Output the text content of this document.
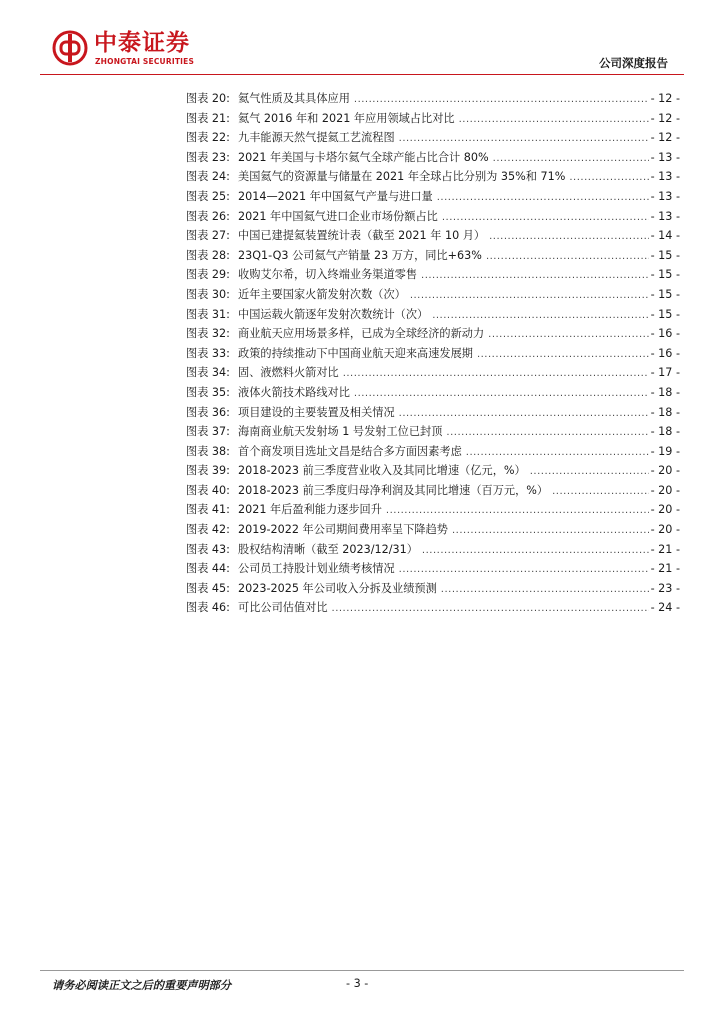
中泰证券
ZHONGTAI SECURITIES	公司深度报告
图表 20: 氦气性质及其具体应用 .....	- 12 -
图表 21: 氦气 2016 年和 2021 年应用领域占比对比 .....	- 12 -
图表 22: 九丰能源天然气提氦工艺流程图 .....	- 12 -
图表 23: 2021 年美国与卡塔尔氦气全球产能占比合计 80% .....	- 13 -
图表 24: 美国氦气的资源量与储量在 2021 年全球占比分别为 35%和 71% .....	- 13 -
图表 25: 2014—2021 年中国氦气产量与进口量 .....	- 13 -
图表 26: 2021 年中国氦气进口企业市场份额占比 .....	- 13 -
图表 27: 中国已建提氦装置统计表（截至 2021 年 10 月） .....	- 14 -
图表 28: 23Q1-Q3 公司氦气产销量 23 万方，同比+63% .....	- 15 -
图表 29: 收购艾尔希，切入终端业务渠道零售 .....	- 15 -
图表 30: 近年主要国家火箭发射次数（次） .....	- 15 -
图表 31: 中国运载火箭逐年发射次数统计（次） .....	- 15 -
图表 32: 商业航天应用场景多样，已成为全球经济的新动力 .....	- 16 -
图表 33: 政策的持续推动下中国商业航天迎来高速发展期 .....	- 16 -
图表 34: 固、液燃料火箭对比 .....	- 17 -
图表 35: 液体火箭技术路线对比 .....	- 18 -
图表 36: 项目建设的主要装置及相关情况 .....	- 18 -
图表 37: 海南商业航天发射场 1 号发射工位已封顶 .....	- 18 -
图表 38: 首个商发项目选址文昌是结合多方面因素考虑 .....	- 19 -
图表 39: 2018-2023 前三季度营业收入及其同比增速（亿元，%） .....	- 20 -
图表 40: 2018-2023 前三季度归母净利润及其同比增速（百万元，%） .....	- 20 -
图表 41: 2021 年后盈利能力逐步回升 .....	- 20 -
图表 42: 2019-2022 年公司期间费用率呈下降趋势 .....	- 20 -
图表 43: 股权结构清晰（截至 2023/12/31） .....	- 21 -
图表 44: 公司员工持股计划业绩考核情况 .....	- 21 -
图表 45: 2023-2025 年公司收入分拆及业绩预测 .....	- 23 -
图表 46: 可比公司估值对比 .....	- 24 -
请务必阅读正文之后的重要声明部分	- 3 -
